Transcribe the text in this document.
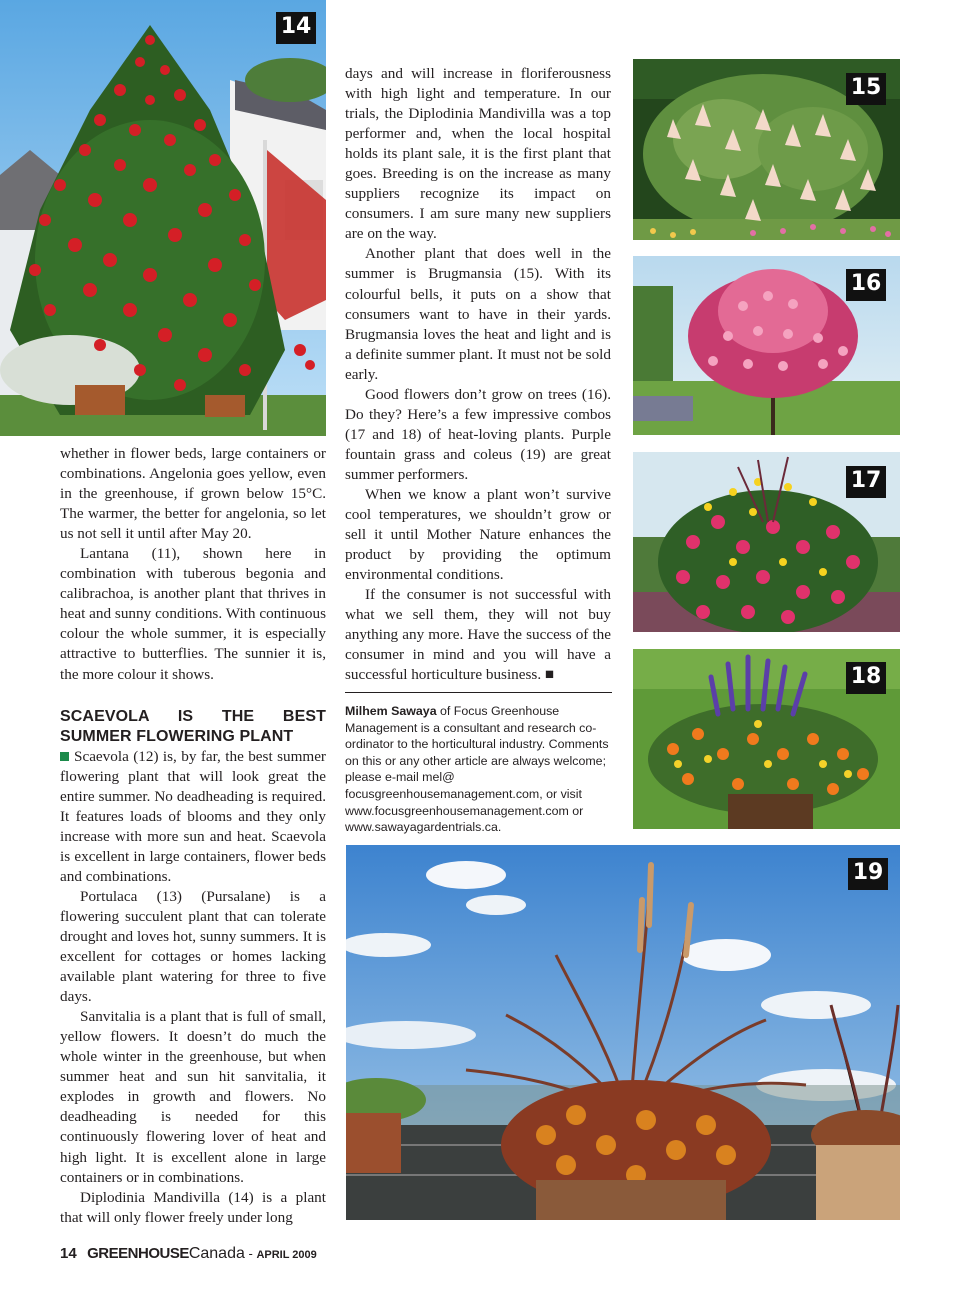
14
15
16
17
18
19

whether in flower beds, large containers or combinations. Angelonia goes yellow, even in the greenhouse, if grown below 15°C. The warmer, the better for angelonia, so let us not sell it until after May 20.

Lantana (11), shown here in combination with tuberous begonia and calibrachoa, is another plant that thrives in heat and sunny conditions. With continuous colour the whole summer, it is especially attractive to butterflies. The sunnier it is, the more colour it shows.

SCAEVOLA IS THE BEST SUMMER FLOWERING PLANT

Scaevola (12) is, by far, the best summer flowering plant that will look great the entire summer. No deadheading is required. It features loads of blooms and they only increase with more sun and heat. Scaevola is excellent in large containers, flower beds and combinations.

Portulaca (13) (Pursalane) is a flowering succulent plant that can tolerate drought and loves hot, sunny summers. It is excellent for cottages or homes lacking available plant watering for three to five days.

Sanvitalia is a plant that is full of small, yellow flowers. It doesn’t do much the whole winter in the greenhouse, but when summer heat and sun hit sanvitalia, it explodes in growth and flowers. No deadheading is needed for this continuously flowering lover of heat and high light. It is excellent alone in large containers or in combinations.

Diplodinia Mandivilla (14) is a plant that will only flower freely under long

days and will increase in floriferousness with high light and temperature. In our trials, the Diplodinia Mandivilla was a top performer and, when the local hospital holds its plant sale, it is the first plant that goes. Breeding is on the increase as many suppliers recognize its impact on consumers. I am sure many new suppliers are on the way.

Another plant that does well in the summer is Brugmansia (15). With its colourful bells, it puts on a show that consumers want to have in their yards. Brugmansia loves the heat and light and is a definite summer plant. It must not be sold early.

Good flowers don’t grow on trees (16). Do they? Here’s a few impressive combos (17 and 18) of heat-loving plants. Purple fountain grass and coleus (19) are great summer performers.

When we know a plant won’t survive cool temperatures, we shouldn’t grow or sell it until Mother Nature enhances the product by providing the optimum environmental conditions.

If the consumer is not successful with what we sell them, they will not buy anything any more. Have the success of the consumer in mind and you will have a successful horticulture business. ■

Milhem Sawaya of Focus Greenhouse Management is a consultant and research co-ordinator to the horticultural industry. Comments on this or any other article are always welcome; please e-mail mel@ focusgreenhousemanagement.com, or visit www.focusgreenhousemanagement.com or www.sawayagardentrials.ca.
14 GREENHOUSECanada - APRIL 2009
